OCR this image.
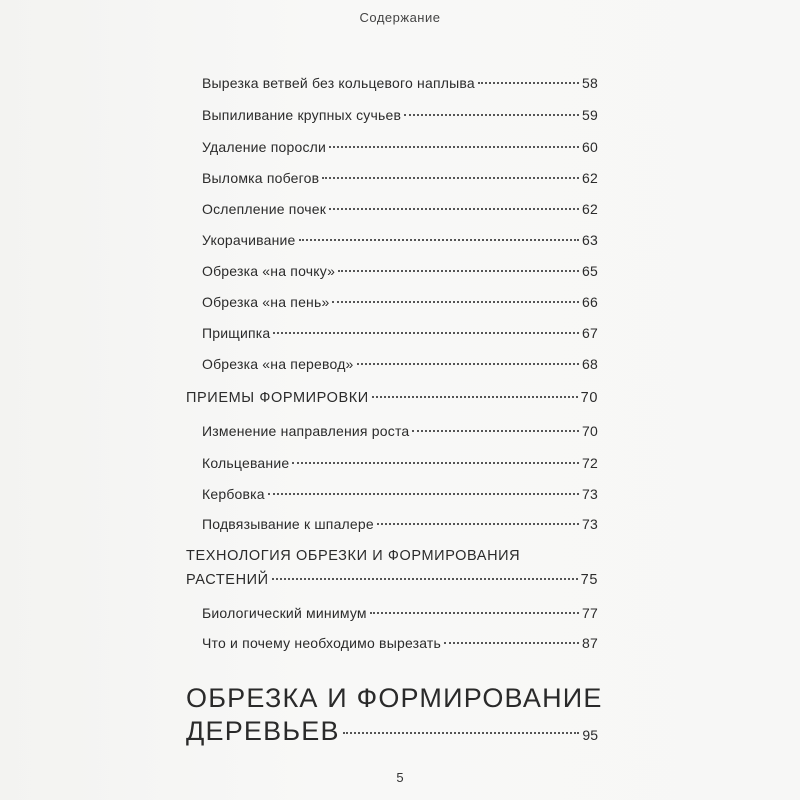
Содержание
Вырезка ветвей без кольцевого наплыва	58
Выпиливание крупных сучьев	59
Удаление поросли	60
Выломка побегов	62
Ослепление почек	62
Укорачивание	63
Обрезка «на почку»	65
Обрезка «на пень»	66
Прищипка	67
Обрезка «на перевод»	68
ПРИЕМЫ ФОРМИРОВКИ	70
Изменение направления роста	70
Кольцевание	72
Кербовка	73
Подвязывание к шпалере	73
ТЕХНОЛОГИЯ ОБРЕЗКИ И ФОРМИРОВАНИЯ
РАСТЕНИЙ	75
Биологический минимум	77
Что и почему необходимо вырезать	87
ОБРЕЗКА И ФОРМИРОВАНИЕ
ДЕРЕВЬЕВ	95
5
